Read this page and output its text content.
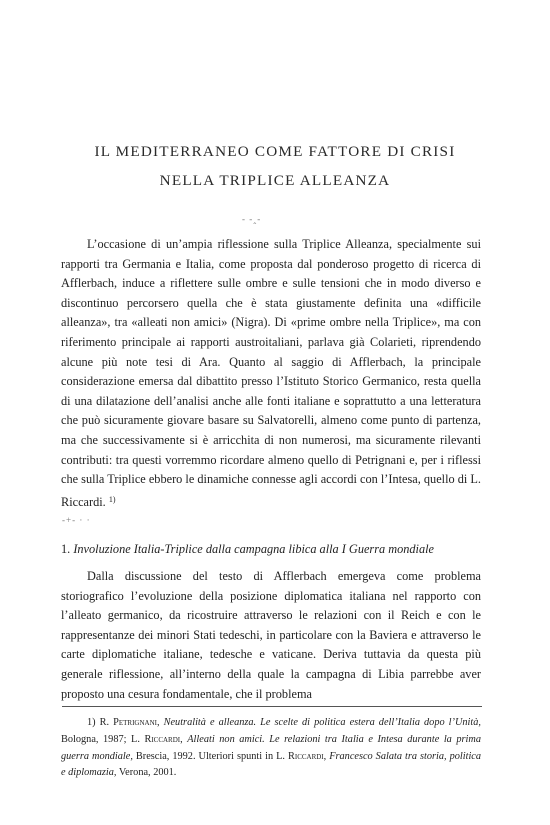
IL MEDITERRANEO COME FATTORE DI CRISI
NELLA TRIPLICE ALLEANZA
- -‸-

L’occasione di un’ampia riflessione sulla Triplice Alleanza, specialmente sui rapporti tra Germania e Italia, come proposta dal ponderoso progetto di ricerca di Afflerbach, induce a riflettere sulle ombre e sulle tensioni che in modo diverso e discontinuo percorsero quella che è stata giustamente definita una «difficile alleanza», tra «alleati non amici» (Nigra). Di «prime ombre nella Triplice», ma con riferimento principale ai rapporti austroitaliani, parlava già Colarieti, riprendendo alcune più note tesi di Ara. Quanto al saggio di Afflerbach, la principale considerazione emersa dal dibattito presso l’Istituto Storico Germanico, resta quella di una dilatazione dell’analisi anche alle fonti italiane e soprattutto a una letteratura che può sicuramente giovare basare su Salvatorelli, almeno come punto di partenza, ma che successivamente si è arricchita di non numerosi, ma sicuramente rilevanti contributi: tra questi vorremmo ricordare almeno quello di Petrignani e, per i riflessi che sulla Triplice ebbero le dinamiche connesse agli accordi con l’Intesa, quello di L. Riccardi. $^{1)}$

-+- · ·
1. Involuzione Italia-Triplice dalla campagna libica alla I Guerra mondiale

Dalla discussione del testo di Afflerbach emergeva come problema storiografico l’evoluzione della posizione diplomatica italiana nel rapporto con l’alleato germanico, da ricostruire attraverso le relazioni con il Reich e con le rappresentanze dei minori Stati tedeschi, in particolare con la Baviera e attraverso le carte diplomatiche italiane, tedesche e vaticane. Deriva tuttavia da questa più generale riflessione, all’interno della quale la campagna di Libia parrebbe aver proposto una cesura fondamentale, che il problema

1) R. Petrignani, Neutralità e alleanza. Le scelte di politica estera dell’Italia dopo l’Unità, Bologna, 1987; L. Riccardi, Alleati non amici. Le relazioni tra Italia e Intesa durante la prima guerra mondiale, Brescia, 1992. Ulteriori spunti in L. Riccardi, Francesco Salata tra storia, politica e diplomazia, Verona, 2001.
